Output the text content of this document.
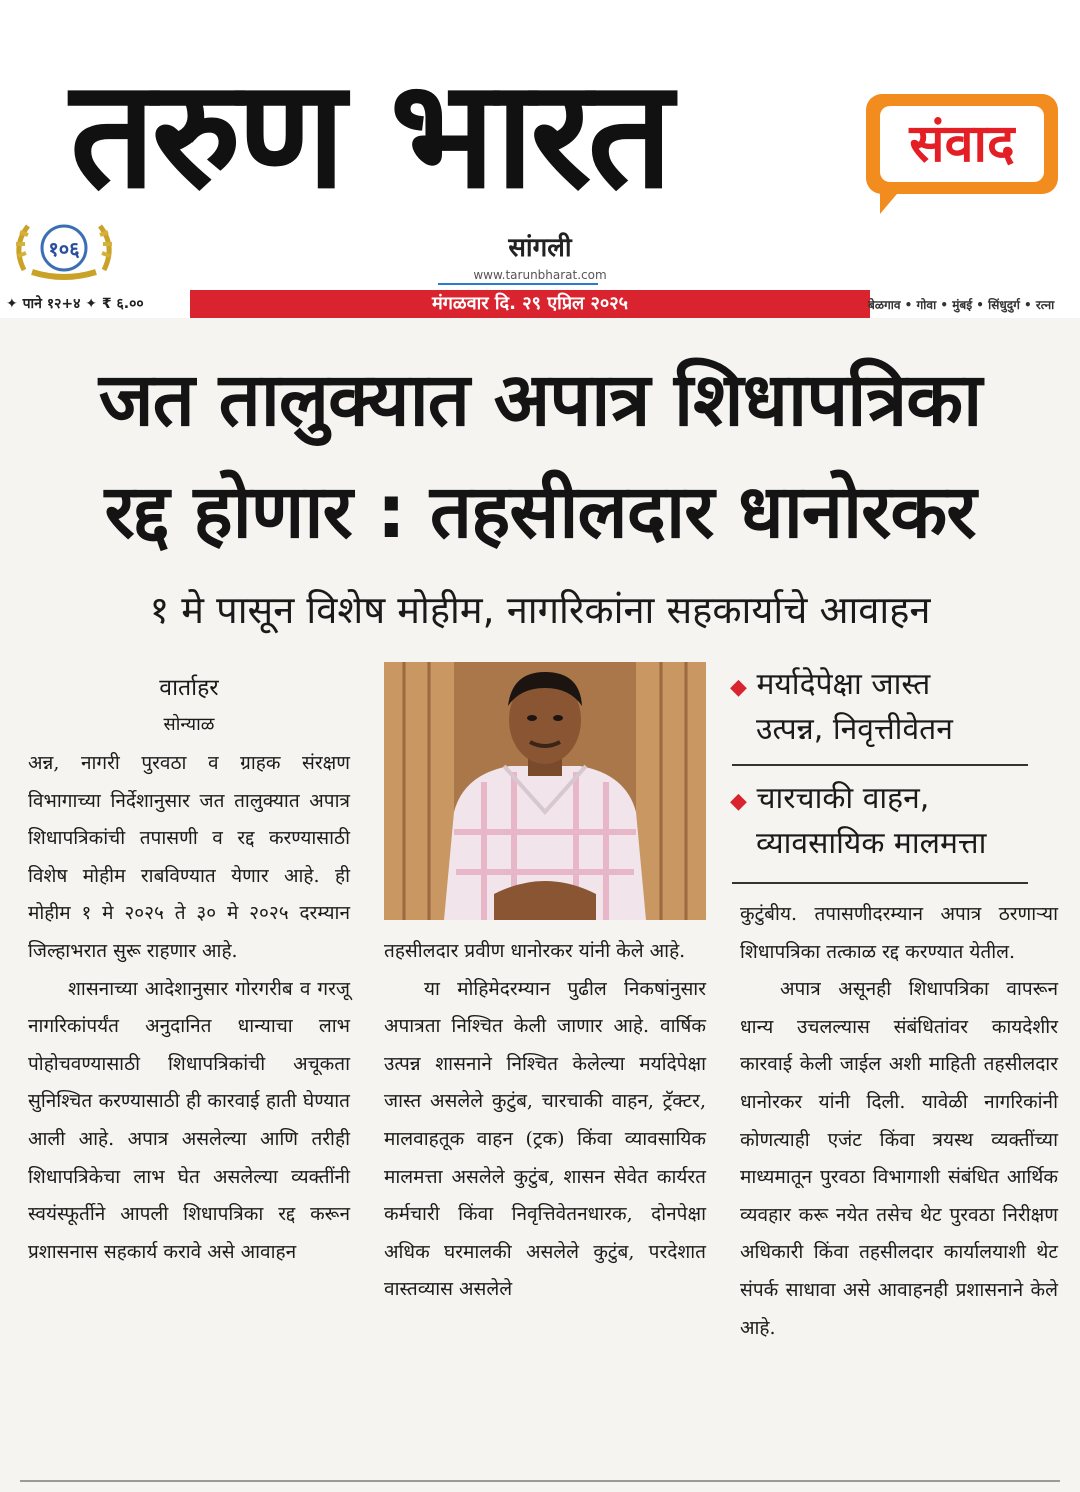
तरुण भारत	संवाद
१०६	सांगली
www.tarunbharat.com
✦ पाने १२+४ ✦ ₹ ६.००	मंगळवार दि. २९ एप्रिल २०२५	बेळगाव • गोवा • मुंबई • सिंधुदुर्ग • रत्ना
जत तालुक्यात अपात्र शिधापत्रिका
रद्द होणार : तहसीलदार धानोरकर
१ मे पासून विशेष मोहीम, नागरिकांना सहकार्याचे आवाहन
वार्ताहर
सोन्याळ

अन्न, नागरी पुरवठा व ग्राहक संरक्षण विभागाच्या निर्देशानुसार जत तालुक्यात अपात्र शिधापत्रिकांची तपासणी व रद्द करण्यासाठी विशेष मोहीम राबविण्यात येणार आहे. ही मोहीम १ मे २०२५ ते ३० मे २०२५ दरम्यान जिल्हाभरात सुरू राहणार आहे.

शासनाच्या आदेशानुसार गोरगरीब व गरजू नागरिकांपर्यंत अनुदानित धान्याचा लाभ पोहोचवण्यासाठी शिधापत्रिकांची अचूकता सुनिश्चित करण्यासाठी ही कारवाई हाती घेण्यात आली आहे. अपात्र असलेल्या आणि तरीही शिधापत्रिकेचा लाभ घेत असलेल्या व्यक्तींनी स्वयंस्फूर्तीने आपली शिधापत्रिका रद्द करून प्रशासनास सहकार्य करावे असे आवाहन

तहसीलदार प्रवीण धानोरकर यांनी केले आहे.

या मोहिमेदरम्यान पुढील निकषांनुसार अपात्रता निश्चित केली जाणार आहे. वार्षिक उत्पन्न शासनाने निश्चित केलेल्या मर्यादेपेक्षा जास्त असलेले कुटुंब, चारचाकी वाहन, ट्रॅक्टर, मालवाहतूक वाहन (ट्रक) किंवा व्यावसायिक मालमत्ता असलेले कुटुंब, शासन सेवेत कार्यरत कर्मचारी किंवा निवृत्तिवेतनधारक, दोनपेक्षा अधिक घरमालकी असलेले कुटुंब, परदेशात वास्तव्यास असलेले

◆ मर्यादेपेक्षा जास्त
उत्पन्न, निवृत्तीवेतन
◆ चारचाकी वाहन,
व्यावसायिक मालमत्ता

कुटुंबीय. तपासणीदरम्यान अपात्र ठरणाऱ्या शिधापत्रिका तत्काळ रद्द करण्यात येतील.

अपात्र असूनही शिधापत्रिका वापरून धान्य उचलल्यास संबंधितांवर कायदेशीर कारवाई केली जाईल अशी माहिती तहसीलदार धानोरकर यांनी दिली. यावेळी नागरिकांनी कोणत्याही एजंट किंवा त्रयस्थ व्यक्तींच्या माध्यमातून पुरवठा विभागाशी संबंधित आर्थिक व्यवहार करू नयेत तसेच थेट पुरवठा निरीक्षण अधिकारी किंवा तहसीलदार कार्यालयाशी थेट संपर्क साधावा असे आवाहनही प्रशासनाने केले आहे.
